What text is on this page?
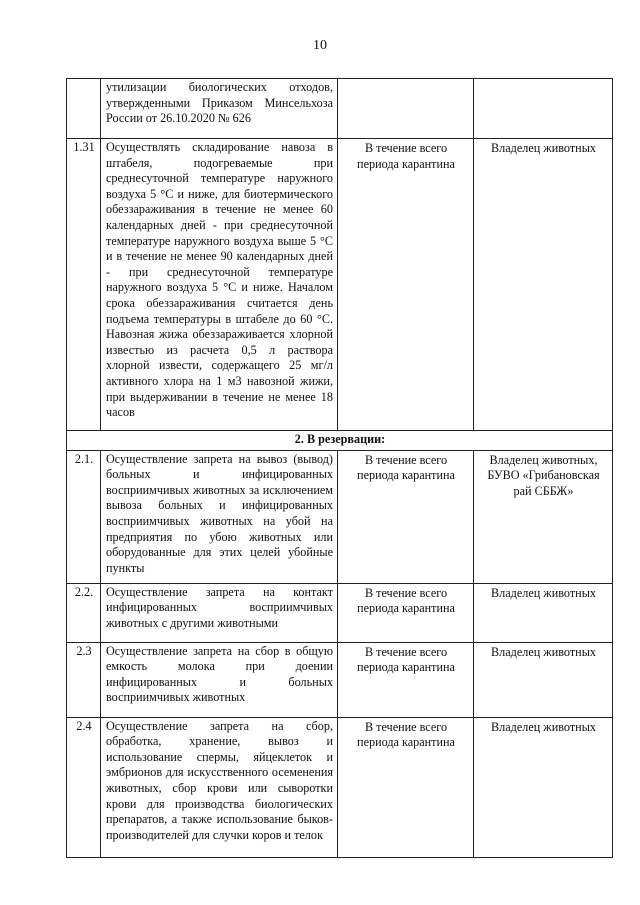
10
	утилизации биологических отходов, утвержденными Приказом Минсельхоза России от 26.10.2020 № 626		
1.31	Осуществлять складирование навоза в штабеля, подогреваемые при среднесуточной температуре наружного воздуха 5 °С и ниже, для биотермического обеззараживания в течение не менее 60 календарных дней - при среднесуточной температуре наружного воздуха выше 5 °С и в течение не менее 90 календарных дней - при среднесуточной температуре наружного воздуха 5 °С и ниже. Началом срока обеззараживания считается день подъема температуры в штабеле до 60 °С. Навозная жижа обеззараживается хлорной известью из расчета 0,5 л раствора хлорной извести, содержащего 25 мг/л активного хлора на 1 м3 навозной жижи, при выдерживании в течение не менее 18 часов	В течение всего периода карантина	Владелец животных

2. В резервации:			
2.1.	Осуществление запрета на вывоз (вывод) больных и инфицированных восприимчивых животных за исключением вывоза больных и инфицированных восприимчивых животных на убой на предприятия по убою животных или оборудованные для этих целей убойные пункты	В течение всего периода карантина	Владелец животных, БУВО «Грибановская рай СББЖ»

2.2.	Осуществление запрета на контакт инфицированных восприимчивых животных с другими животными	В течение всего периода карантина	Владелец животных

2.3	Осуществление запрета на сбор в общую емкость молока при доении инфицированных и больных восприимчивых животных	В течение всего периода карантина	Владелец животных

2.4	Осуществление запрета на сбор, обработка, хранение, вывоз и использование спермы, яйцеклеток и эмбрионов для искусственного осеменения животных, сбор крови или сыворотки крови для производства биологических препаратов, а также использование быков-производителей для случки коров и телок	В течение всего периода карантина	Владелец животных
